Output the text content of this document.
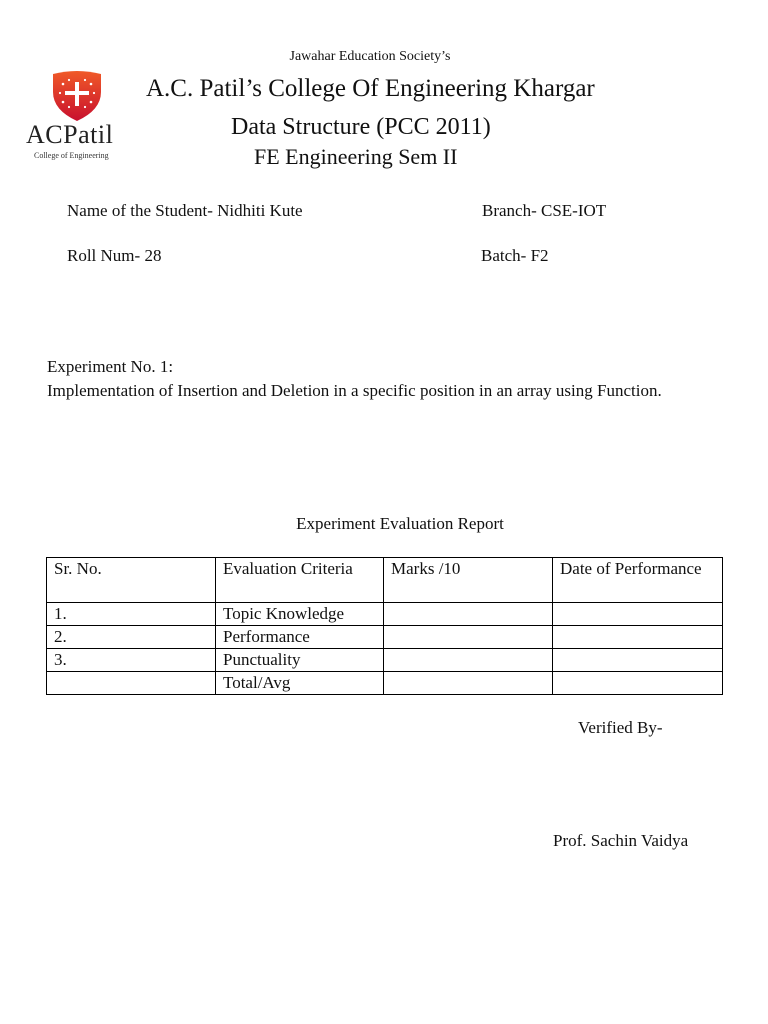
Jawahar Education Society’s
A.C. Patil’s College Of Engineering Khargar
Data Structure (PCC 2011)
FE Engineering Sem II
ACPatil
College of Engineering
Name of the Student- Nidhiti Kute	Branch- CSE-IOT
Roll Num- 28	Batch- F2
Experiment No. 1:
Implementation of Insertion and Deletion in a specific position in an array using Function.
Experiment Evaluation Report
Sr. No.	Evaluation Criteria	Marks /10	Date of Performance
1.	Topic Knowledge		
2.	Performance		
3.	Punctuality		
	Total/Avg		
Verified By-
Prof. Sachin Vaidya
